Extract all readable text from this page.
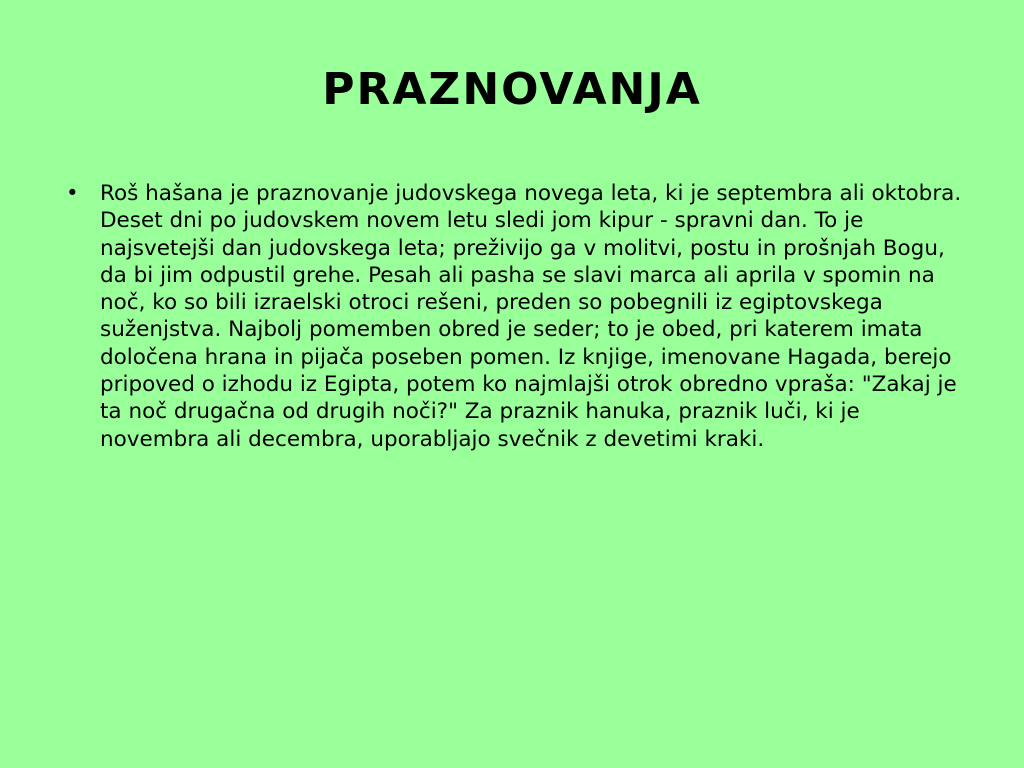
PRAZNOVANJA
• Roš hašana je praznovanje judovskega novega leta, ki je septembra ali oktobra. Deset dni po judovskem novem letu sledi jom kipur - spravni dan. To je najsvetejši dan judovskega leta; preživijo ga v molitvi, postu in prošnjah Bogu, da bi jim odpustil grehe. Pesah ali pasha se slavi marca ali aprila v spomin na noč, ko so bili izraelski otroci rešeni, preden so pobegnili iz egiptovskega suženjstva. Najbolj pomemben obred je seder; to je obed, pri katerem imata določena hrana in pijača poseben pomen. Iz knjige, imenovane Hagada, berejo pripoved o izhodu iz Egipta, potem ko najmlajši otrok obredno vpraša: "Zakaj je ta noč drugačna od drugih noči?" Za praznik hanuka, praznik luči, ki je novembra ali decembra, uporabljajo svečnik z devetimi kraki.
